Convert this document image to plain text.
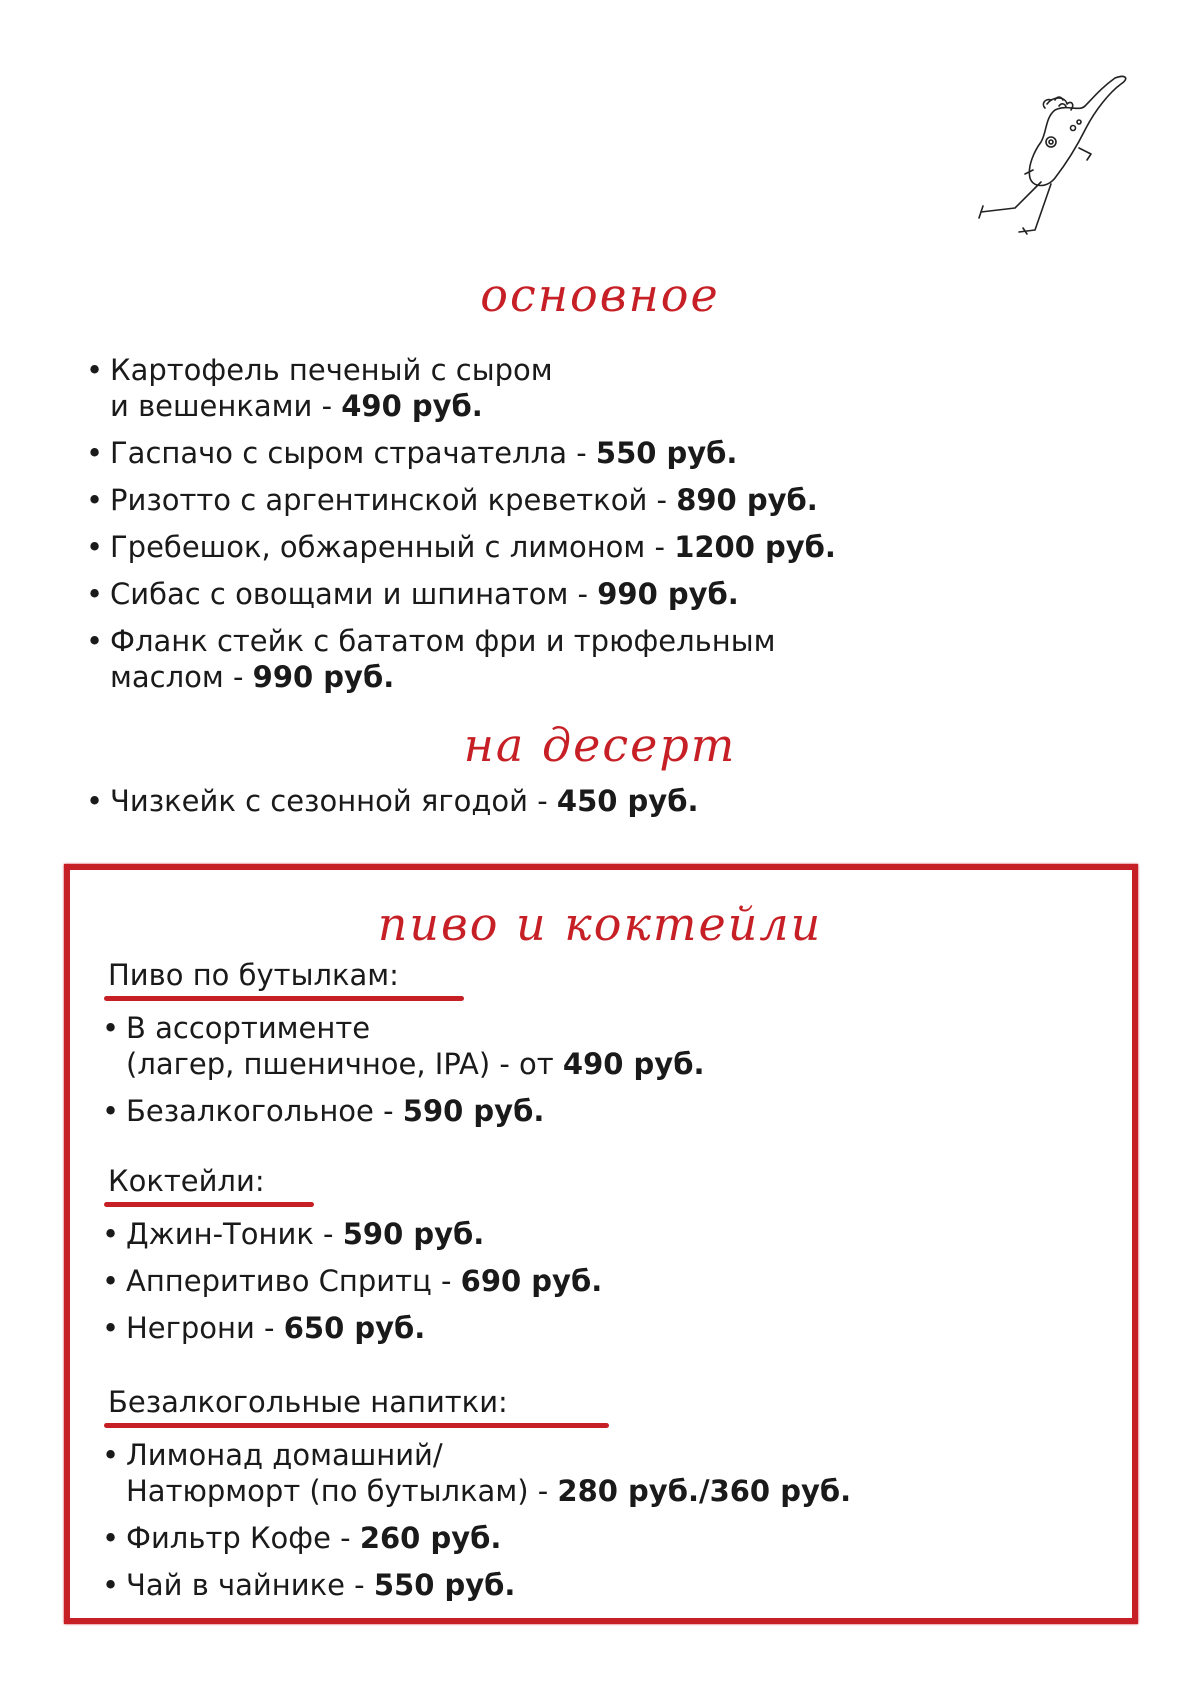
основное
• Картофель печеный с сыром
и вешенками - 490 руб.
• Гаспачо с сыром страчателла - 550 руб.
• Ризотто с аргентинской креветкой - 890 руб.
• Гребешок, обжаренный с лимоном - 1200 руб.
• Сибас с овощами и шпинатом - 990 руб.
• Фланк стейк с бататом фри и трюфельным
маслом - 990 руб.
на десерт
• Чизкейк с сезонной ягодой - 450 руб.
пиво и коктейли
Пиво по бутылкам:
• В ассортименте
(лагер, пшеничное, IPA) - от 490 руб.
• Безалкогольное - 590 руб.
Коктейли:
• Джин-Тоник - 590 руб.
• Апперитиво Спритц - 690 руб.
• Негрони - 650 руб.
Безалкогольные напитки:
• Лимонад домашний/
Натюрморт (по бутылкам) - 280 руб./360 руб.
• Фильтр Кофе - 260 руб.
• Чай в чайнике - 550 руб.
